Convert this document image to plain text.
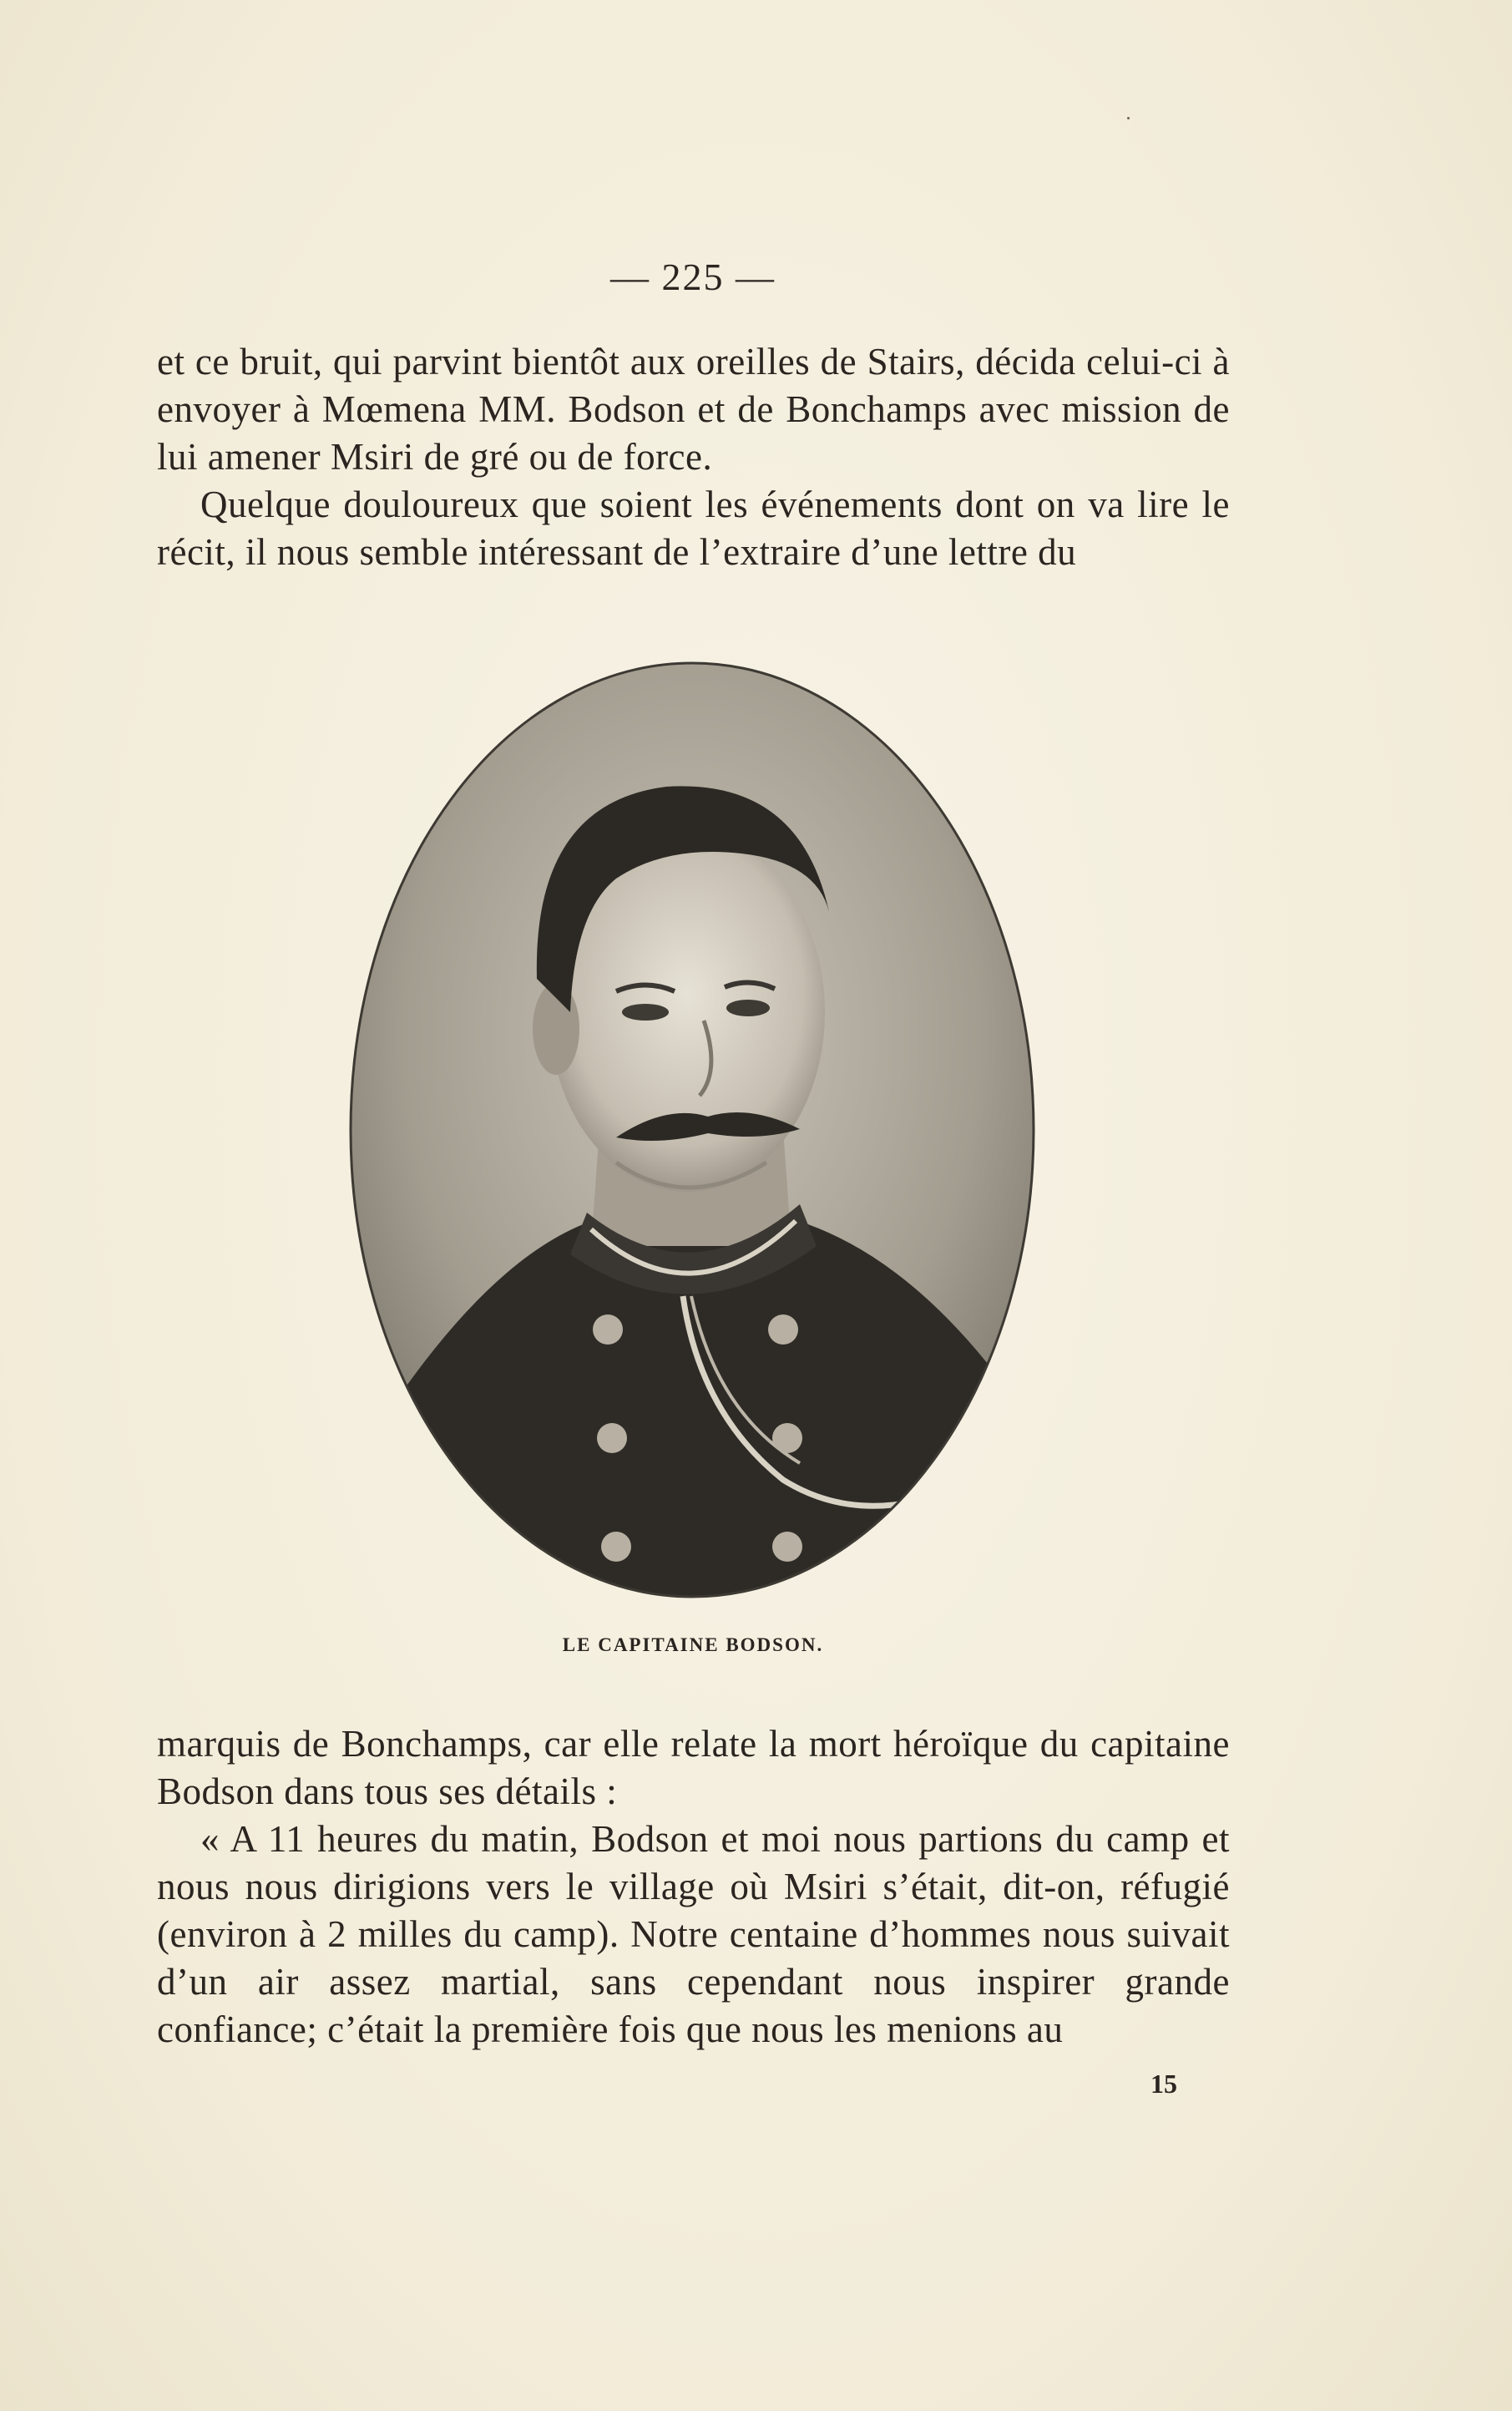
— 225 —

et ce bruit, qui parvint bientôt aux oreilles de Stairs, décida celui-ci à envoyer à Mœmena MM. Bodson et de Bonchamps avec mission de lui amener Msiri de gré ou de force.

Quelque douloureux que soient les événements dont on va lire le récit, il nous semble intéressant de l’extraire d’une lettre du

LE CAPITAINE BODSON.

marquis de Bonchamps, car elle relate la mort héroïque du capitaine Bodson dans tous ses détails :

« A 11 heures du matin, Bodson et moi nous partions du camp et nous nous dirigions vers le village où Msiri s’était, dit-on, réfugié (environ à 2 milles du camp). Notre centaine d’hommes nous suivait d’un air assez martial, sans cependant nous inspirer grande confiance; c’était la première fois que nous les menions au

15
